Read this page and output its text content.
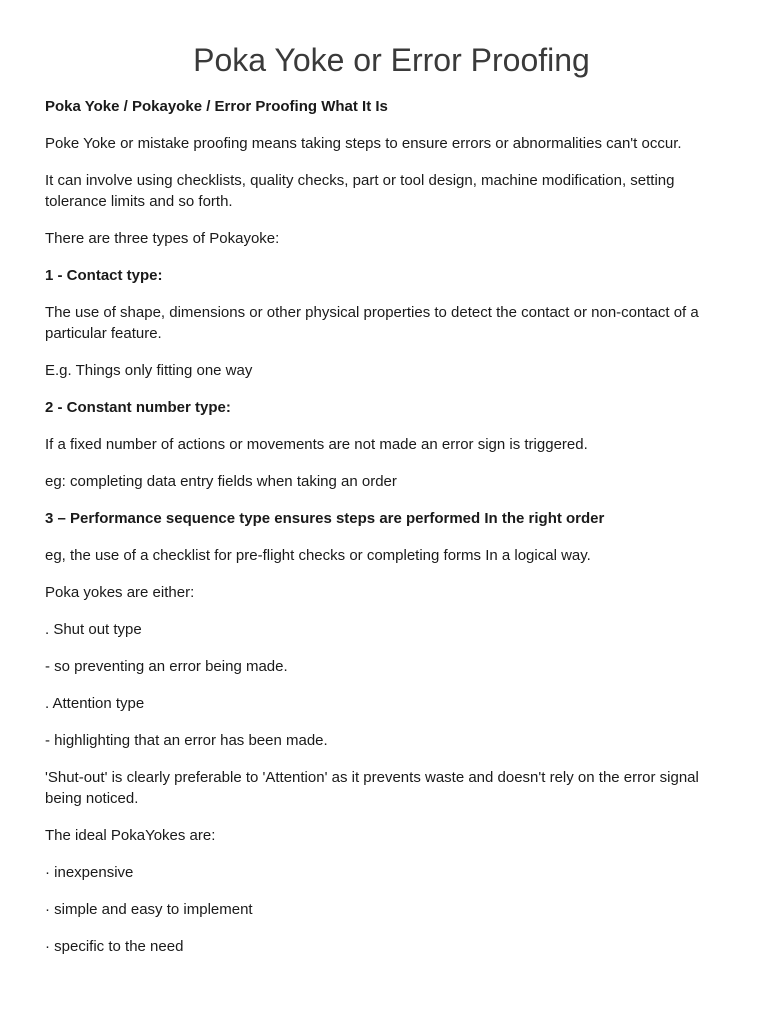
Poka Yoke or Error Proofing

Poka Yoke / Pokayoke / Error Proofing What It Is

Poke Yoke or mistake proofing means taking steps to ensure errors or abnormalities can't occur.

It can involve using checklists, quality checks, part or tool design, machine modification, setting tolerance limits and so forth.

There are three types of Pokayoke:

1 - Contact type:

The use of shape, dimensions or other physical properties to detect the contact or non-contact of a particular feature.

E.g. Things only fitting one way

2 - Constant number type:

If a fixed number of actions or movements are not made an error sign is triggered.

eg: completing data entry fields when taking an order

3 – Performance sequence type ensures steps are performed In the right order

eg, the use of a checklist for pre-flight checks or completing forms In a logical way.

Poka yokes are either:

. Shut out type

- so preventing an error being made.

. Attention type

- highlighting that an error has been made.

'Shut-out' is clearly preferable to 'Attention' as it prevents waste and doesn't rely on the error signal being noticed.

The ideal PokaYokes are:

· inexpensive

· simple and easy to implement

· specific to the need
